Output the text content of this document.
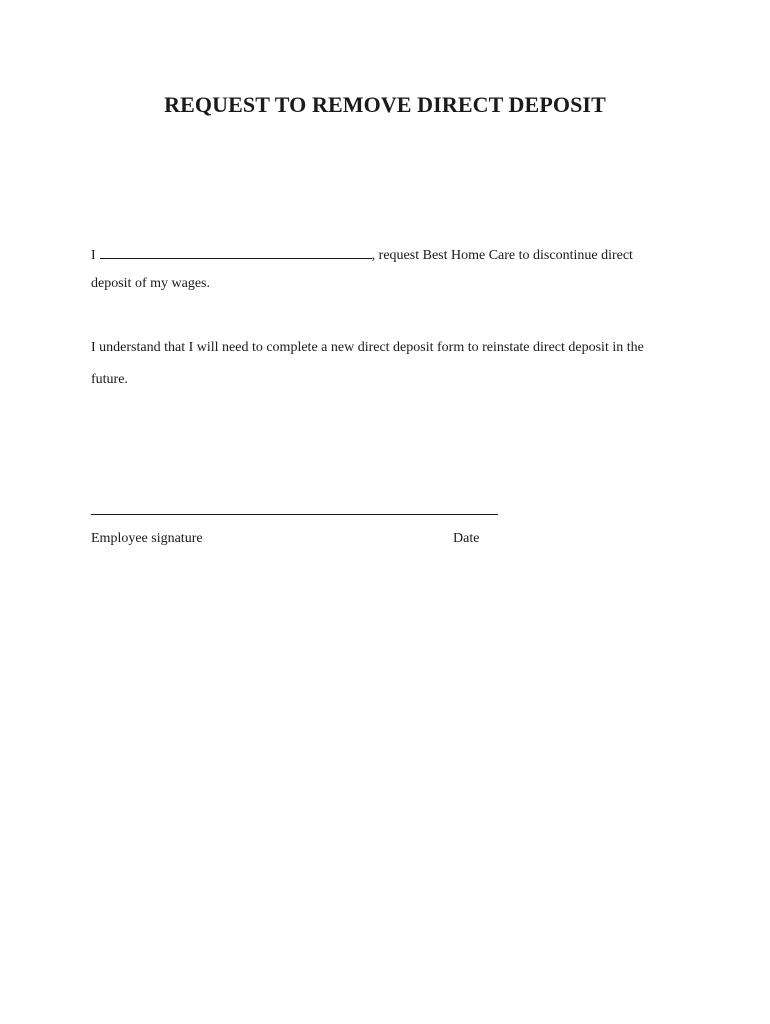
REQUEST TO REMOVE DIRECT DEPOSIT

I	, request Best Home Care to discontinue direct

deposit of my wages.

I understand that I will need to complete a new direct deposit form to reinstate direct deposit in the

future.

Employee signature	Date
